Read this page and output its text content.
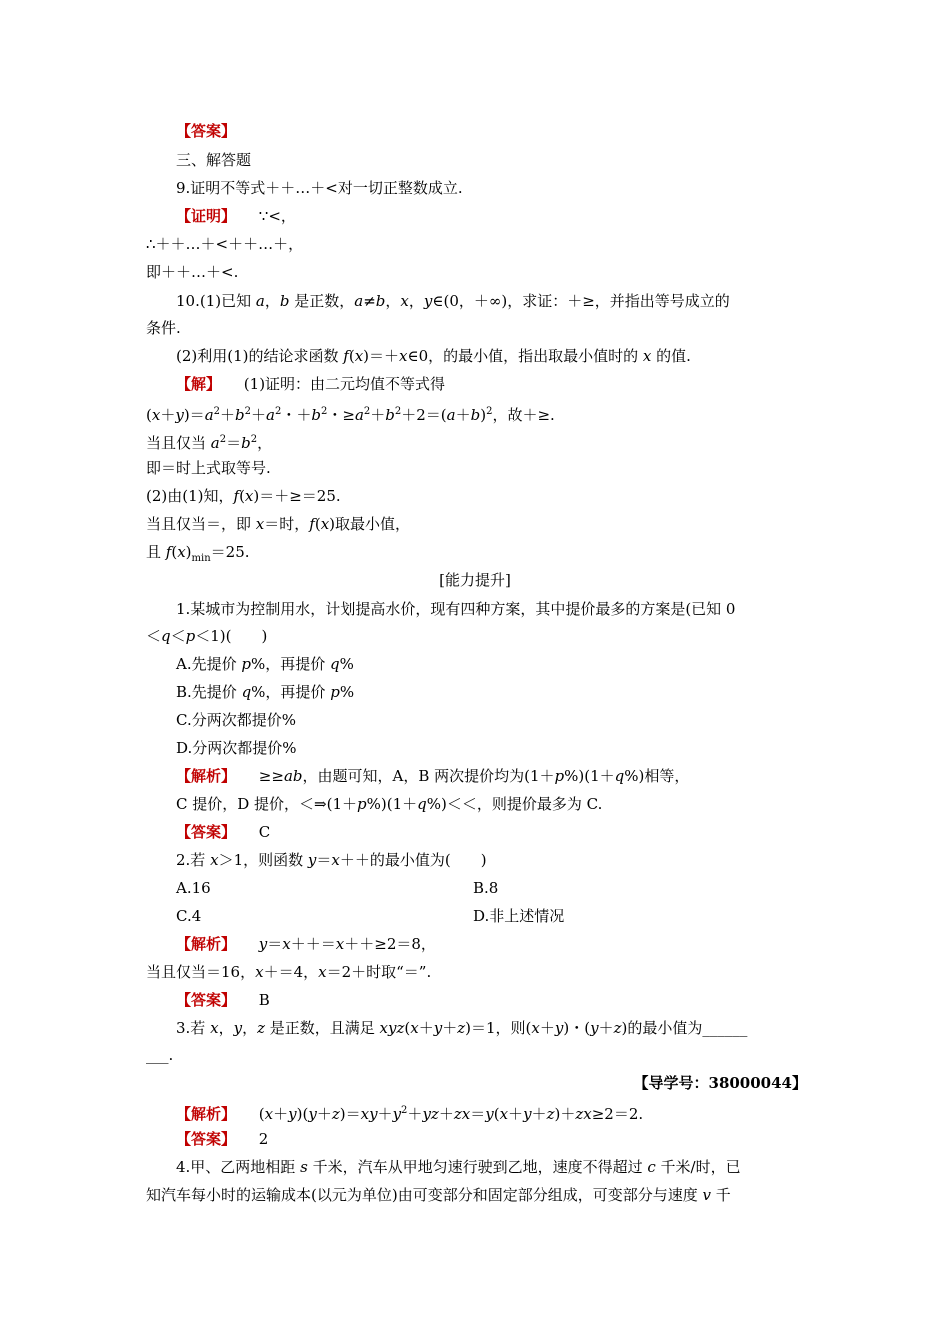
【答案】
三、解答题
9.证明不等式＋＋…＋<对一切正整数成立.
【证明】 ∵<，
∴＋＋…＋<＋＋…＋，
即＋＋…＋<.
10.(1)已知 a，b 是正数，a≠b，x，y∈(0，＋∞)，求证：＋≥，并指出等号成立的
条件.
(2)利用(1)的结论求函数 f(x)＝＋x∈0，的最小值，指出取最小值时的 x 的值.
【解】 (1)证明：由二元均值不等式得
$(x+y)=a^2+b^2+a^2$・$+b^2$・$\ge a^2+b^2+2=(a+b)^2$，故＋≥.
当且仅当 $a^2=b^2$，
即＝时上式取等号.
(2)由(1)知，f(x)＝＋≥＝25.
当且仅当＝，即 x＝时，f(x)取最小值，
且 $f(x)_{min}=25$.
[能力提升]
1.某城市为控制用水，计划提高水价，现有四种方案，其中提价最多的方案是(已知 0
＜q＜p＜1)(　　)
A.先提价 p%，再提价 q%
B.先提价 q%，再提价 p%
C.分两次都提价%
D.分两次都提价%
【解析】 ≥≥ab，由题可知，A，B 两次提价均为(1＋p%)(1＋q%)相等，
C 提价，D 提价，＜⇒(1＋p%)(1＋q%)＜＜，则提价最多为 C.
【答案】 C
2.若 x＞1，则函数 y＝x＋＋的最小值为(　　)
A.16	B.8
C.4	D.非上述情况
【解析】 y＝x＋＋＝x＋＋≥2＝8，
当且仅当＝16，x＋＝4，x＝2＋时取“＝”.
【答案】 B
3.若 x，y，z 是正数，且满足 xyz(x＋y＋z)＝1，则(x＋y)・(y＋z)的最小值为______
___.
【导学号：38000044】
【解析】 $(x+y)(y+z)=xy+y^2+yz+zx=y(x+y+z)+zx\ge 2=2$.
【答案】 2
4.甲、乙两地相距 s 千米，汽车从甲地匀速行驶到乙地，速度不得超过 c 千米/时，已
知汽车每小时的运输成本(以元为单位)由可变部分和固定部分组成，可变部分与速度 v 千
